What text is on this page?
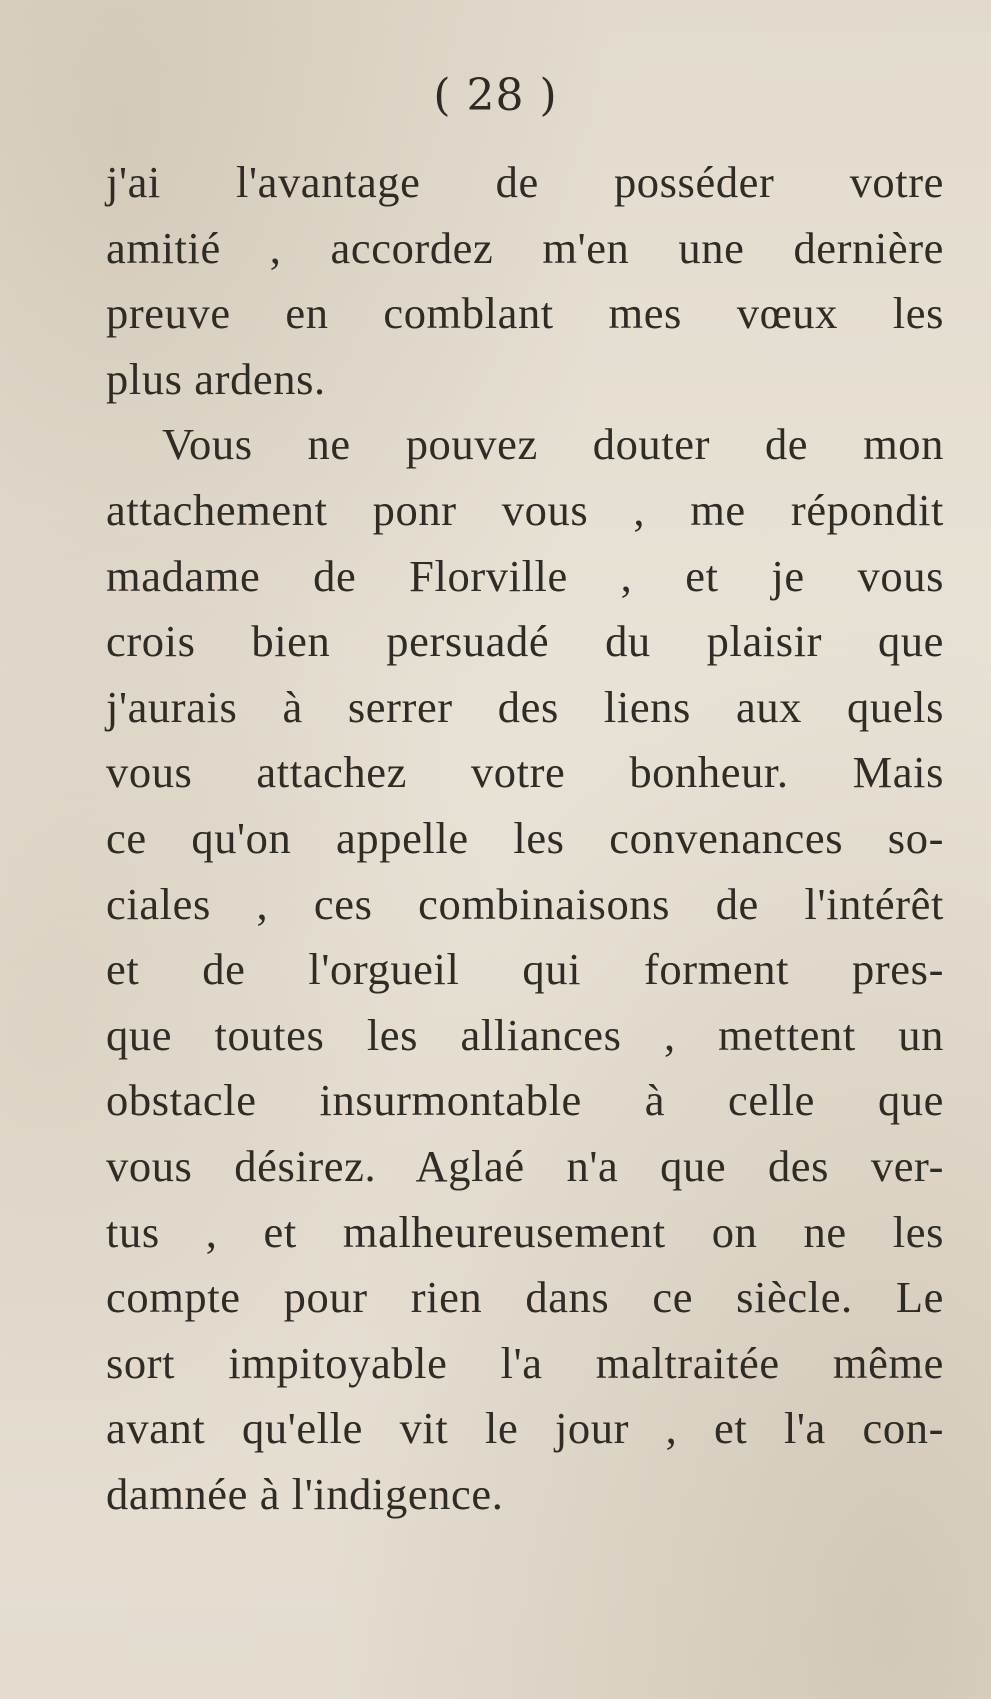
( 28 )
j'ai l'avantage de posséder votre
amitié , accordez m'en une dernière
preuve en comblant mes vœux les
plus ardens.
Vous ne pouvez douter de mon
attachement ponr vous , me répondit
madame de Florville , et je vous
crois bien persuadé du plaisir que
j'aurais à serrer des liens aux quels
vous attachez votre bonheur. Mais
ce qu'on appelle les convenances so-
ciales , ces combinaisons de l'intérêt
et de l'orgueil qui forment pres-
que toutes les alliances , mettent un
obstacle insurmontable à celle que
vous désirez. Aglaé n'a que des ver-
tus , et malheureusement on ne les
compte pour rien dans ce siècle. Le
sort impitoyable l'a maltraitée même
avant qu'elle vit le jour , et l'a con-
damnée à l'indigence.
